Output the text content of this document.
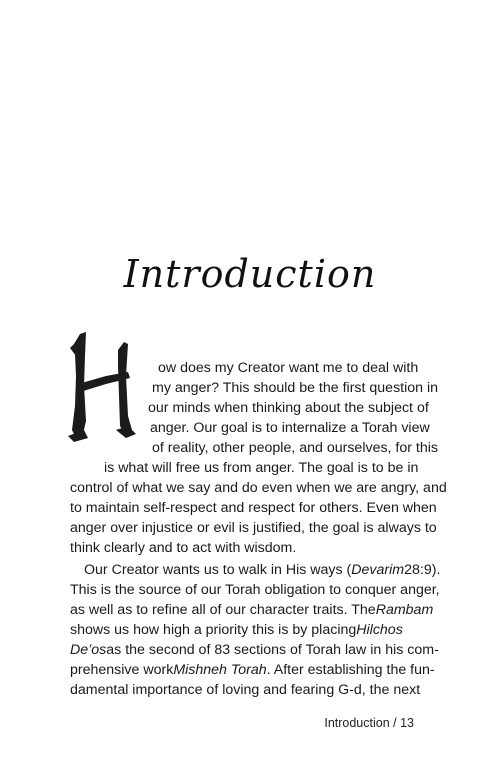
Introduction
ow does my Creator want me to deal with
my anger? This should be the first question in
our minds when thinking about the subject of
anger. Our goal is to internalize a Torah view
of reality, other people, and ourselves, for this
is what will free us from anger. The goal is to be in
control of what we say and do even when we are angry, and
to maintain self-respect and respect for others. Even when
anger over injustice or evil is justified, the goal is always to
think clearly and to act with wisdom.
Our Creator wants us to walk in His ways (Devarim28:9).
This is the source of our Torah obligation to conquer anger,
as well as to refine all of our character traits. TheRambam
shows us how high a priority this is by placingHilchos
De’osas the second of 83 sections of Torah law in his com-
prehensive workMishneh Torah. After establishing the fun-
damental importance of loving and fearing G-d, the next
Introduction / 13
